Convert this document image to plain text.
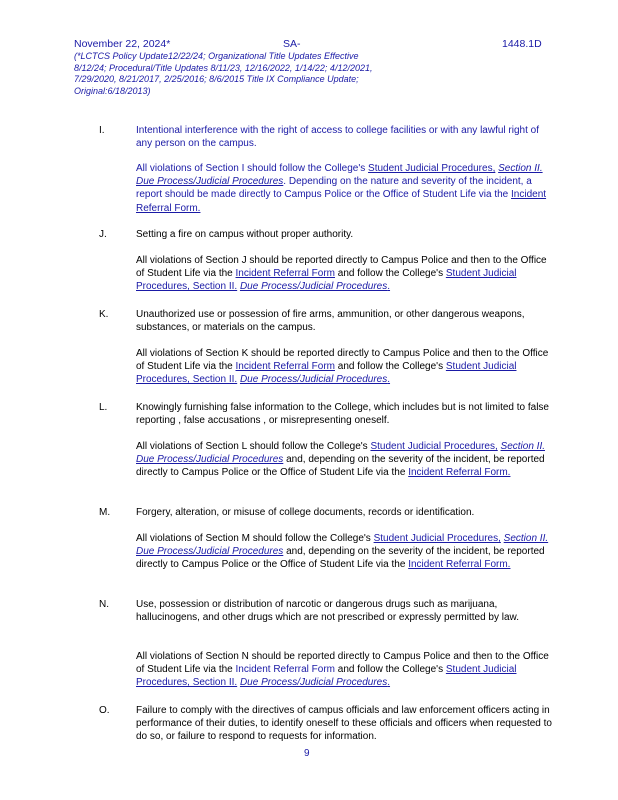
November 22, 2024*	SA-	1448.1D
(*LCTCS Policy Update12/22/24; Organizational Title Updates Effective 8/12/24; Procedural/Title Updates 8/11/23, 12/16/2022, 1/14/22; 4/12/2021, 7/29/2020, 8/21/2017, 2/25/2016; 8/6/2015 Title IX Compliance Update; Original:6/18/2013)
I.	Intentional interference with the right of access to college facilities or with any lawful right of any person on the campus.
All violations of Section I should follow the College's Student Judicial Procedures, Section II. Due Process/Judicial Procedures. Depending on the nature and severity of the incident, a report should be made directly to Campus Police or the Office of Student Life via the Incident Referral Form.
J.	Setting a fire on campus without proper authority.
All violations of Section J should be reported directly to Campus Police and then to the Office of Student Life via the Incident Referral Form and follow the College's Student Judicial Procedures, Section II. Due Process/Judicial Procedures.
K.	Unauthorized use or possession of fire arms, ammunition, or other dangerous weapons, substances, or materials on the campus.
All violations of Section K should be reported directly to Campus Police and then to the Office of Student Life via the Incident Referral Form and follow the College's Student Judicial Procedures, Section II. Due Process/Judicial Procedures.
L.	Knowingly furnishing false information to the College, which includes but is not limited to false reporting , false accusations , or misrepresenting oneself.
All violations of Section L should follow the College's Student Judicial Procedures, Section II. Due Process/Judicial Procedures and, depending on the severity of the incident, be reported directly to Campus Police or the Office of Student Life via the Incident Referral Form.
M.	Forgery, alteration, or misuse of college documents, records or identification.
All violations of Section M should follow the College's Student Judicial Procedures, Section II. Due Process/Judicial Procedures and, depending on the severity of the incident, be reported directly to Campus Police or the Office of Student Life via the Incident Referral Form.
N.	Use, possession or distribution of narcotic or dangerous drugs such as marijuana, hallucinogens, and other drugs which are not prescribed or expressly permitted by law.
All violations of Section N should be reported directly to Campus Police and then to the Office of Student Life via the Incident Referral Form and follow the College's Student Judicial Procedures, Section II. Due Process/Judicial Procedures.
O.	Failure to comply with the directives of campus officials and law enforcement officers acting in performance of their duties, to identify oneself to these officials and officers when requested to do so, or failure to respond to requests for information.
9
